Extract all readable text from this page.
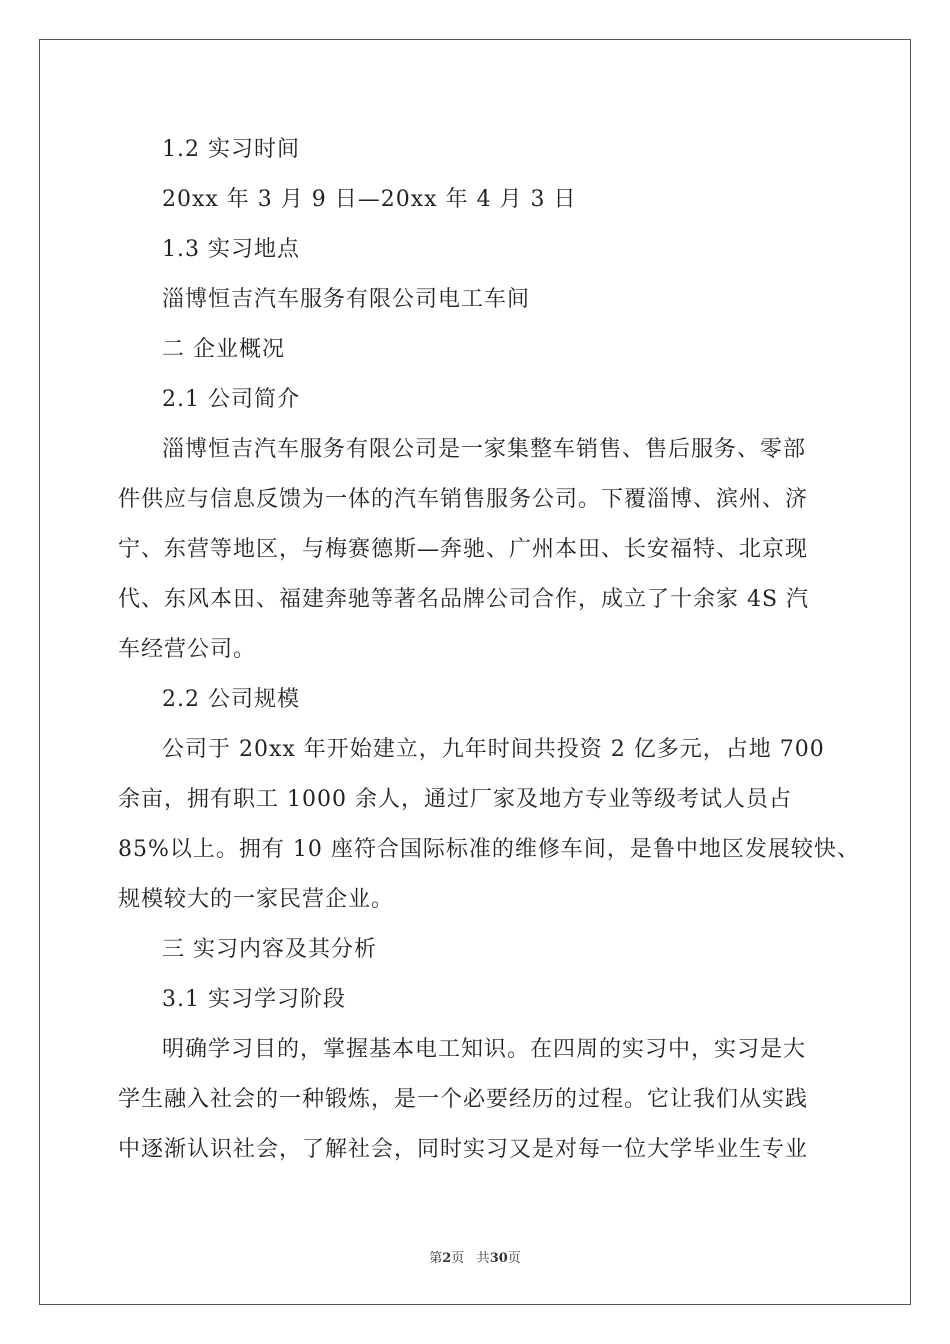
1.2 实习时间
20xx 年 3 月 9 日—20xx 年 4 月 3 日
1.3 实习地点
淄博恒吉汽车服务有限公司电工车间
二 企业概况
2.1 公司简介
淄博恒吉汽车服务有限公司是一家集整车销售、售后服务、零部
件供应与信息反馈为一体的汽车销售服务公司。下覆淄博、滨州、济
宁、东营等地区，与梅赛德斯—奔驰、广州本田、长安福特、北京现
代、东风本田、福建奔驰等著名品牌公司合作，成立了十余家 4S 汽
车经营公司。
2.2 公司规模
公司于 20xx 年开始建立，九年时间共投资 2 亿多元，占地 700
余亩，拥有职工 1000 余人，通过厂家及地方专业等级考试人员占
85%以上。拥有 10 座符合国际标准的维修车间，是鲁中地区发展较快、
规模较大的一家民营企业。
三 实习内容及其分析
3.1 实习学习阶段
明确学习目的，掌握基本电工知识。在四周的实习中，实习是大
学生融入社会的一种锻炼，是一个必要经历的过程。它让我们从实践
中逐渐认识社会，了解社会，同时实习又是对每一位大学毕业生专业
第2页 共30页
